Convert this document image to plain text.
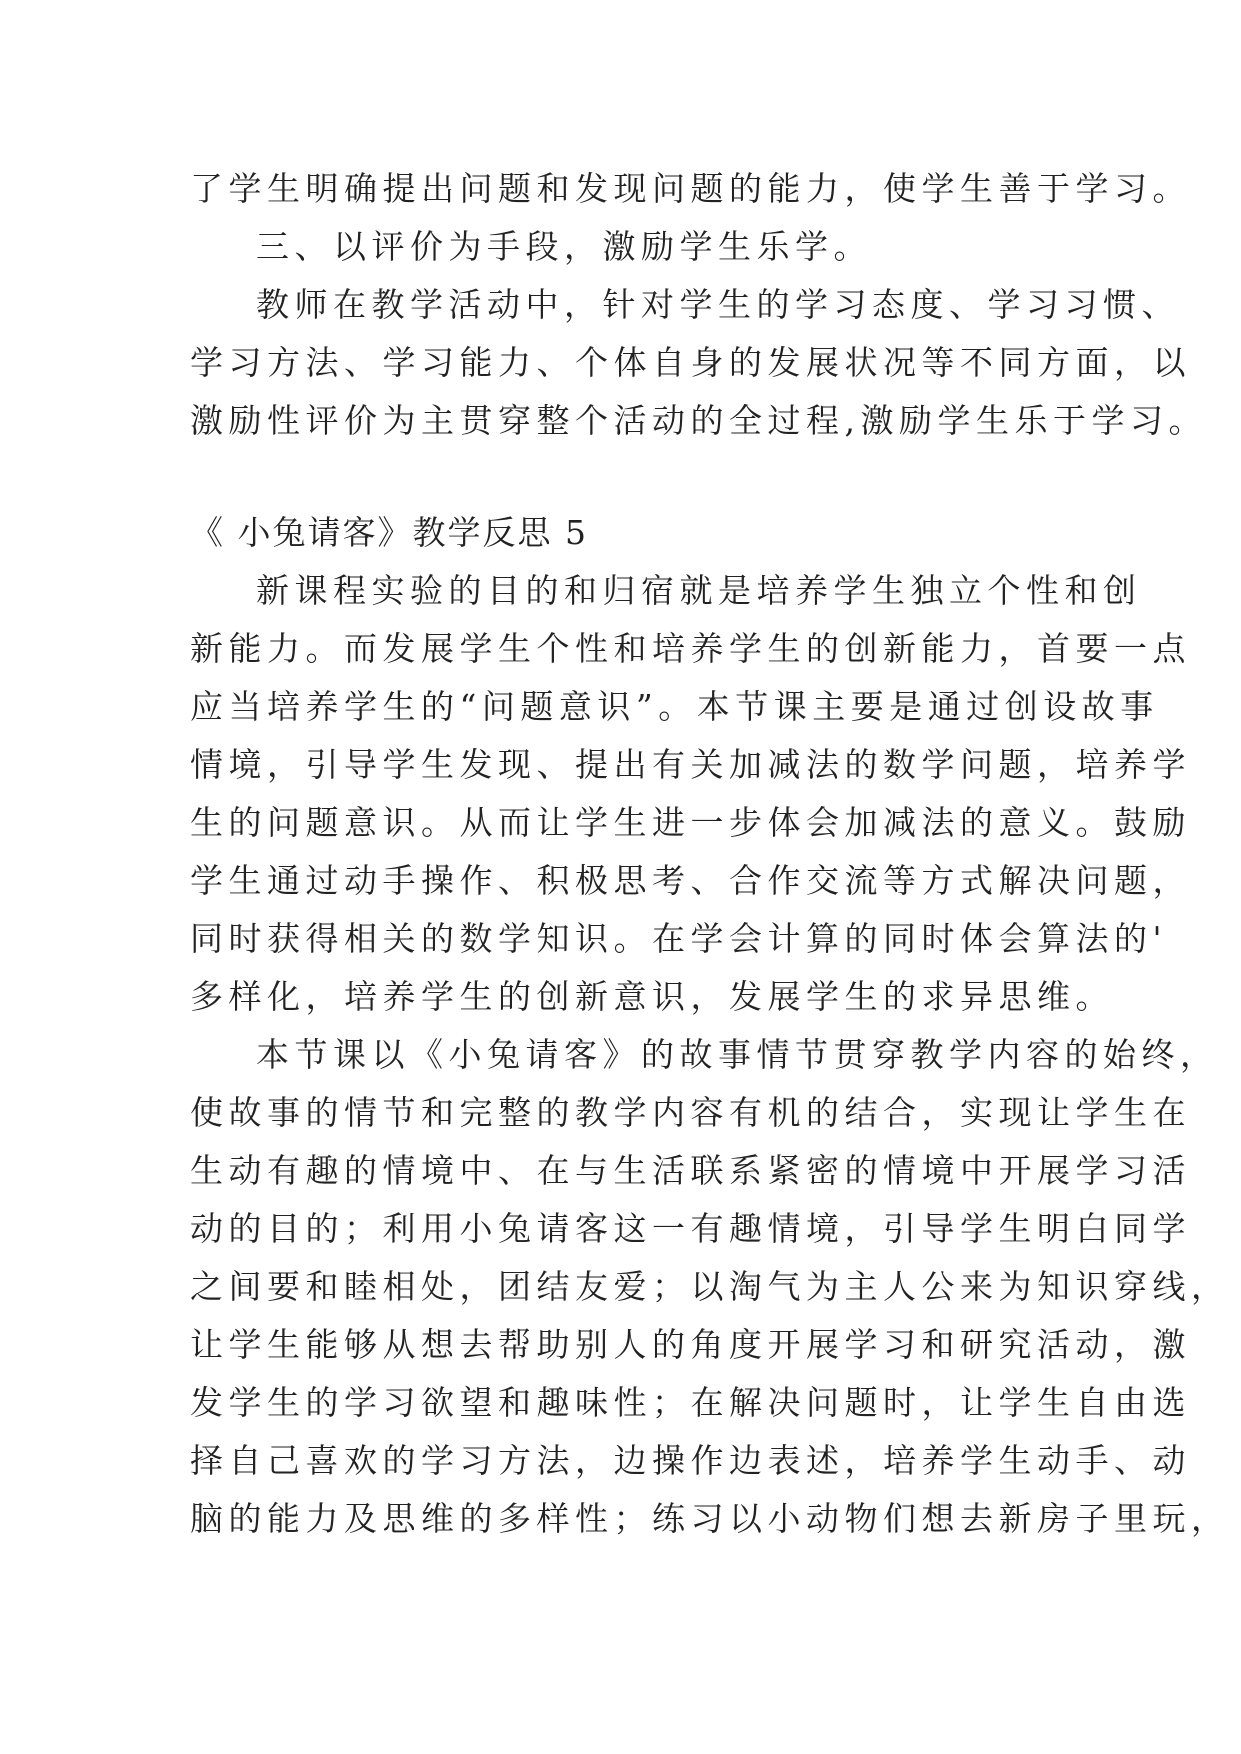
了学生明确提出问题和发现问题的能力，使学生善于学习。

三、以评价为手段，激励学生乐学。

教师在教学活动中，针对学生的学习态度、学习习惯、

学习方法、学习能力、个体自身的发展状况等不同方面，以

激励性评价为主贯穿整个活动的全过程,激励学生乐于学习。

《 小兔请客》教学反思 5

新课程实验的目的和归宿就是培养学生独立个性和创

新能力。而发展学生个性和培养学生的创新能力，首要一点

应当培养学生的“问题意识”。本节课主要是通过创设故事

情境，引导学生发现、提出有关加减法的数学问题，培养学

生的问题意识。从而让学生进一步体会加减法的意义。鼓励

学生通过动手操作、积极思考、合作交流等方式解决问题，

同时获得相关的数学知识。在学会计算的同时体会算法的'

多样化，培养学生的创新意识，发展学生的求异思维。

本节课以《小兔请客》的故事情节贯穿教学内容的始终，

使故事的情节和完整的教学内容有机的结合，实现让学生在

生动有趣的情境中、在与生活联系紧密的情境中开展学习活

动的目的；利用小兔请客这一有趣情境，引导学生明白同学

之间要和睦相处，团结友爱；以淘气为主人公来为知识穿线，

让学生能够从想去帮助别人的角度开展学习和研究活动，激

发学生的学习欲望和趣味性；在解决问题时，让学生自由选

择自己喜欢的学习方法，边操作边表述，培养学生动手、动

脑的能力及思维的多样性；练习以小动物们想去新房子里玩，
